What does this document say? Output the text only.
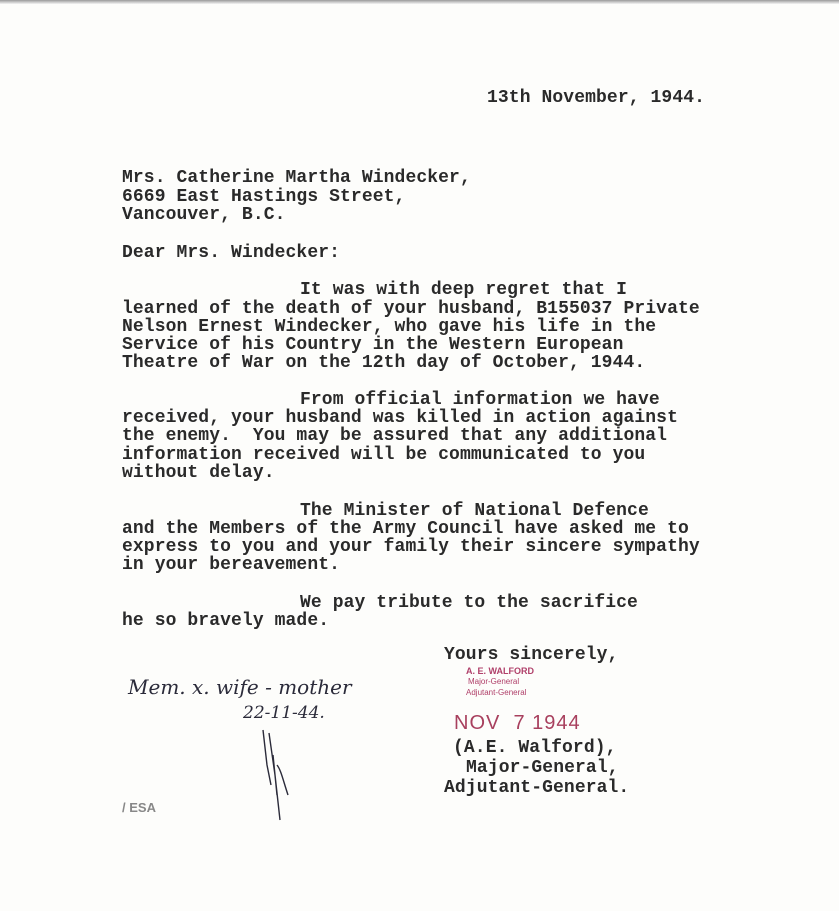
13th November, 1944.
Mrs. Catherine Martha Windecker,
6669 East Hastings Street,
Vancouver, B.C.
Dear Mrs. Windecker:
It was with deep regret that I
learned of the death of your husband, B155037 Private
Nelson Ernest Windecker, who gave his life in the
Service of his Country in the Western European
Theatre of War on the 12th day of October, 1944.
From official information we have
received, your husband was killed in action against
the enemy.  You may be assured that any additional
information received will be communicated to you
without delay.
The Minister of National Defence
and the Members of the Army Council have asked me to
express to you and your family their sincere sympathy
in your bereavement.
We pay tribute to the sacrifice
he so bravely made.
Yours sincerely,
A. E. WALFORD
Major-General
Adjutant-General
NOV  7 1944
(A.E. Walford),
Major-General,
Adjutant-General.
Mem. x. wife - mother
22-11-44.
/ ESA
